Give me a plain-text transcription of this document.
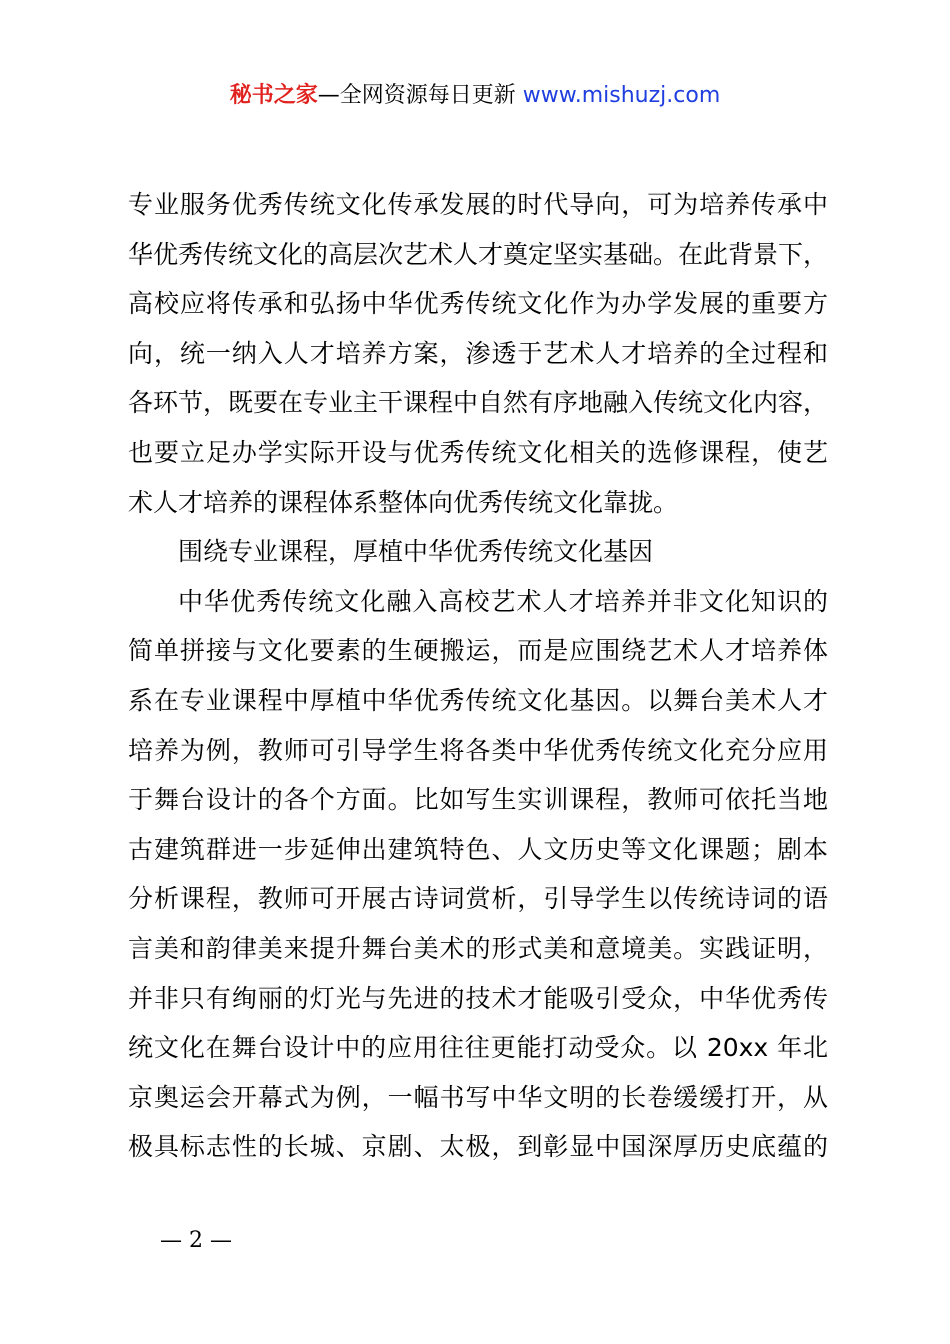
秘书之家—全网资源每日更新 www.mishuzj.com
专业服务优秀传统文化传承发展的时代导向，可为培养传承中
华优秀传统文化的高层次艺术人才奠定坚实基础。在此背景下，
高校应将传承和弘扬中华优秀传统文化作为办学发展的重要方
向，统一纳入人才培养方案，渗透于艺术人才培养的全过程和
各环节，既要在专业主干课程中自然有序地融入传统文化内容，
也要立足办学实际开设与优秀传统文化相关的选修课程，使艺
术人才培养的课程体系整体向优秀传统文化靠拢。
围绕专业课程，厚植中华优秀传统文化基因
中华优秀传统文化融入高校艺术人才培养并非文化知识的
简单拼接与文化要素的生硬搬运，而是应围绕艺术人才培养体
系在专业课程中厚植中华优秀传统文化基因。以舞台美术人才
培养为例，教师可引导学生将各类中华优秀传统文化充分应用
于舞台设计的各个方面。比如写生实训课程，教师可依托当地
古建筑群进一步延伸出建筑特色、人文历史等文化课题；剧本
分析课程，教师可开展古诗词赏析，引导学生以传统诗词的语
言美和韵律美来提升舞台美术的形式美和意境美。实践证明，
并非只有绚丽的灯光与先进的技术才能吸引受众，中华优秀传
统文化在舞台设计中的应用往往更能打动受众。以 20xx 年北
京奥运会开幕式为例，一幅书写中华文明的长卷缓缓打开，从
极具标志性的长城、京剧、太极，到彰显中国深厚历史底蕴的
— 2 —
